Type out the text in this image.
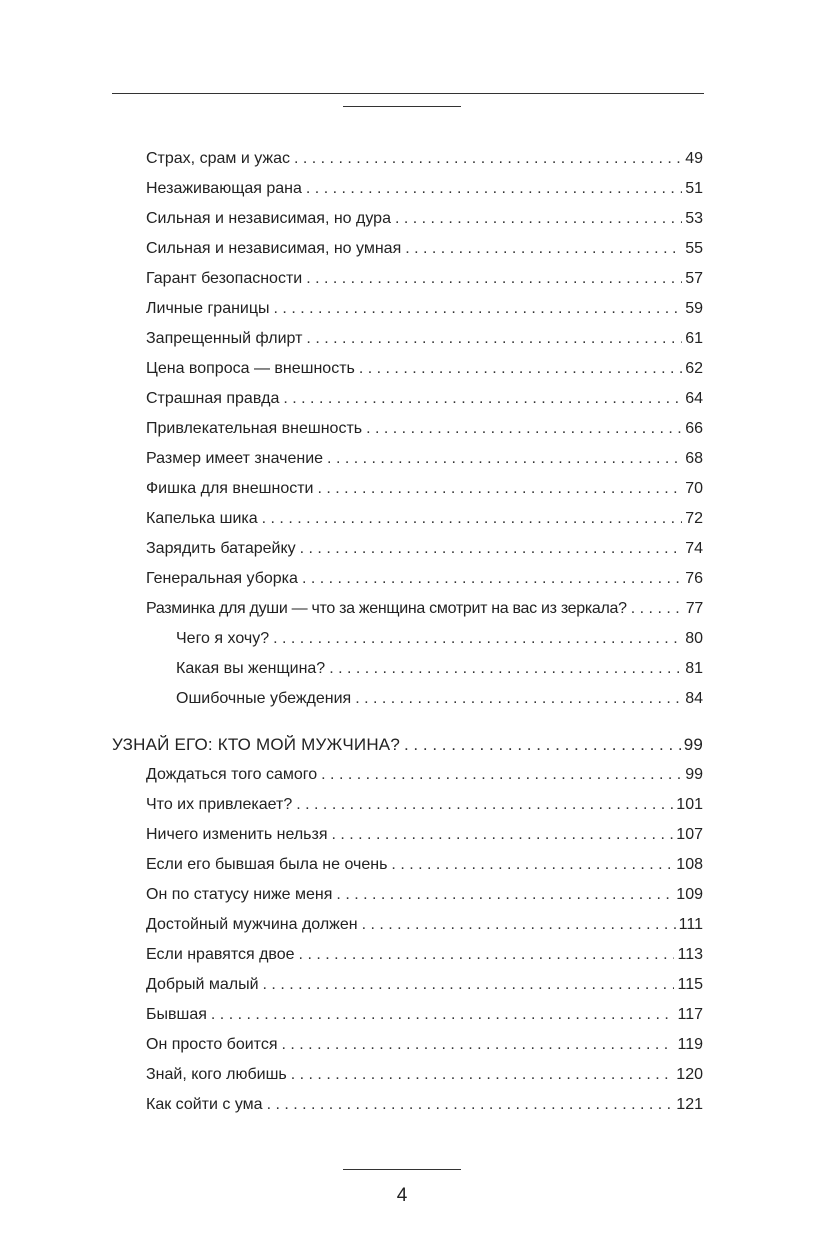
Страх, срам и ужас . . .	49
Незаживающая рана . . .	51
Сильная и независимая, но дура . . .	53
Сильная и независимая, но умная . . .	55
Гарант безопасности . . .	57
Личные границы . . .	59
Запрещенный флирт . . .	61
Цена вопроса — внешность . . .	62
Страшная правда . . .	64
Привлекательная внешность . . .	66
Размер имеет значение . . .	68
Фишка для внешности . . .	70
Капелька шика . . .	72
Зарядить батарейку . . .	74
Генеральная уборка . . .	76
Разминка для души — что за женщина смотрит на вас из зеркала? . . .	77
Чего я хочу? . . .	80
Какая вы женщина? . . .	81
Ошибочные убеждения . . .	84
УЗНАЙ ЕГО: КТО МОЙ МУЖЧИНА? . . .	99
Дождаться того самого . . .	99
Что их привлекает? . . .	101
Ничего изменить нельзя . . .	107
Если его бывшая была не очень . . .	108
Он по статусу ниже меня . . .	109
Достойный мужчина должен . . .	111
Если нравятся двое . . .	113
Добрый малый . . .	115
Бывшая . . .	117
Он просто боится . . .	119
Знай, кого любишь . . .	120
Как сойти с ума . . .	121
4
